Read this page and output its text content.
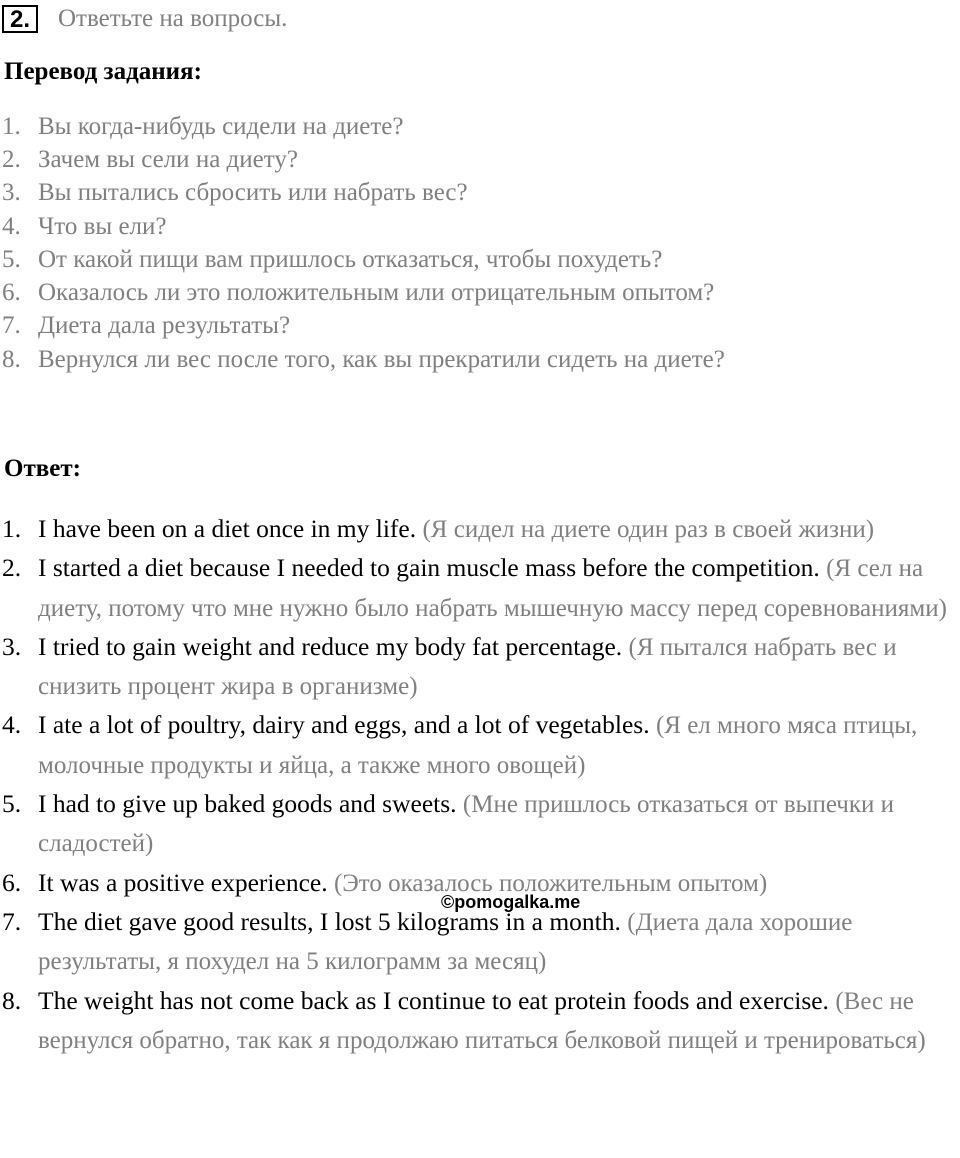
2.	Ответьте на вопросы.
Перевод задания:
1. Вы когда-нибудь сидели на диете?
2. Зачем вы сели на диету?
3. Вы пытались сбросить или набрать вес?
4. Что вы ели?
5. От какой пищи вам пришлось отказаться, чтобы похудеть?
6. Оказалось ли это положительным или отрицательным опытом?
7. Диета дала результаты?
8. Вернулся ли вес после того, как вы прекратили сидеть на диете?
Ответ:
1. I have been on a diet once in my life. (Я сидел на диете один раз в своей жизни)
2. I started a diet because I needed to gain muscle mass before the competition. (Я сел на диету, потому что мне нужно было набрать мышечную массу перед соревнованиями)
3. I tried to gain weight and reduce my body fat percentage. (Я пытался набрать вес и снизить процент жира в организме)
4. I ate a lot of poultry, dairy and eggs, and a lot of vegetables. (Я ел много мяса птицы, молочные продукты и яйца, а также много овощей)
5. I had to give up baked goods and sweets. (Мне пришлось отказаться от выпечки и сладостей)
6. It was a positive experience. (Это оказалось положительным опытом)
7. The diet gave good results, I lost 5 kilograms in a month. (Диета дала хорошие результаты, я похудел на 5 килограмм за месяц)
8. The weight has not come back as I continue to eat protein foods and exercise. (Вес не вернулся обратно, так как я продолжаю питаться белковой пищей и тренироваться)
©pomogalka.me
